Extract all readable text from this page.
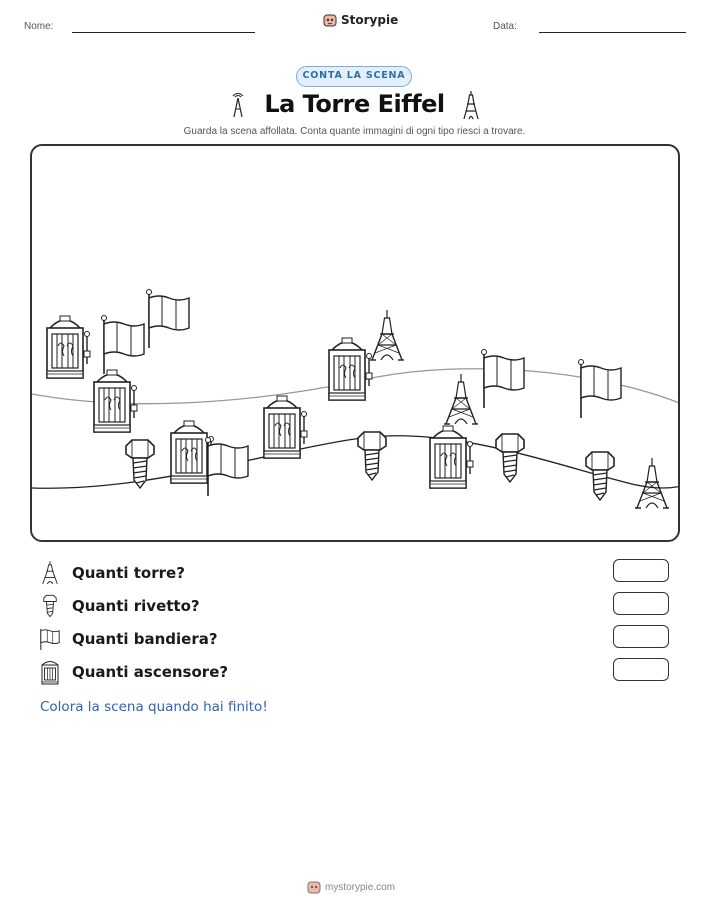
Nome:	Storypie	Data:
CONTA LA SCENA
La Torre Eiffel
Guarda la scena affollata. Conta quante immagini di ogni tipo riesci a trovare.
Quanti torre?
Quanti rivetto?
Quanti bandiera?
Quanti ascensore?
Colora la scena quando hai finito!
mystorypie.com
